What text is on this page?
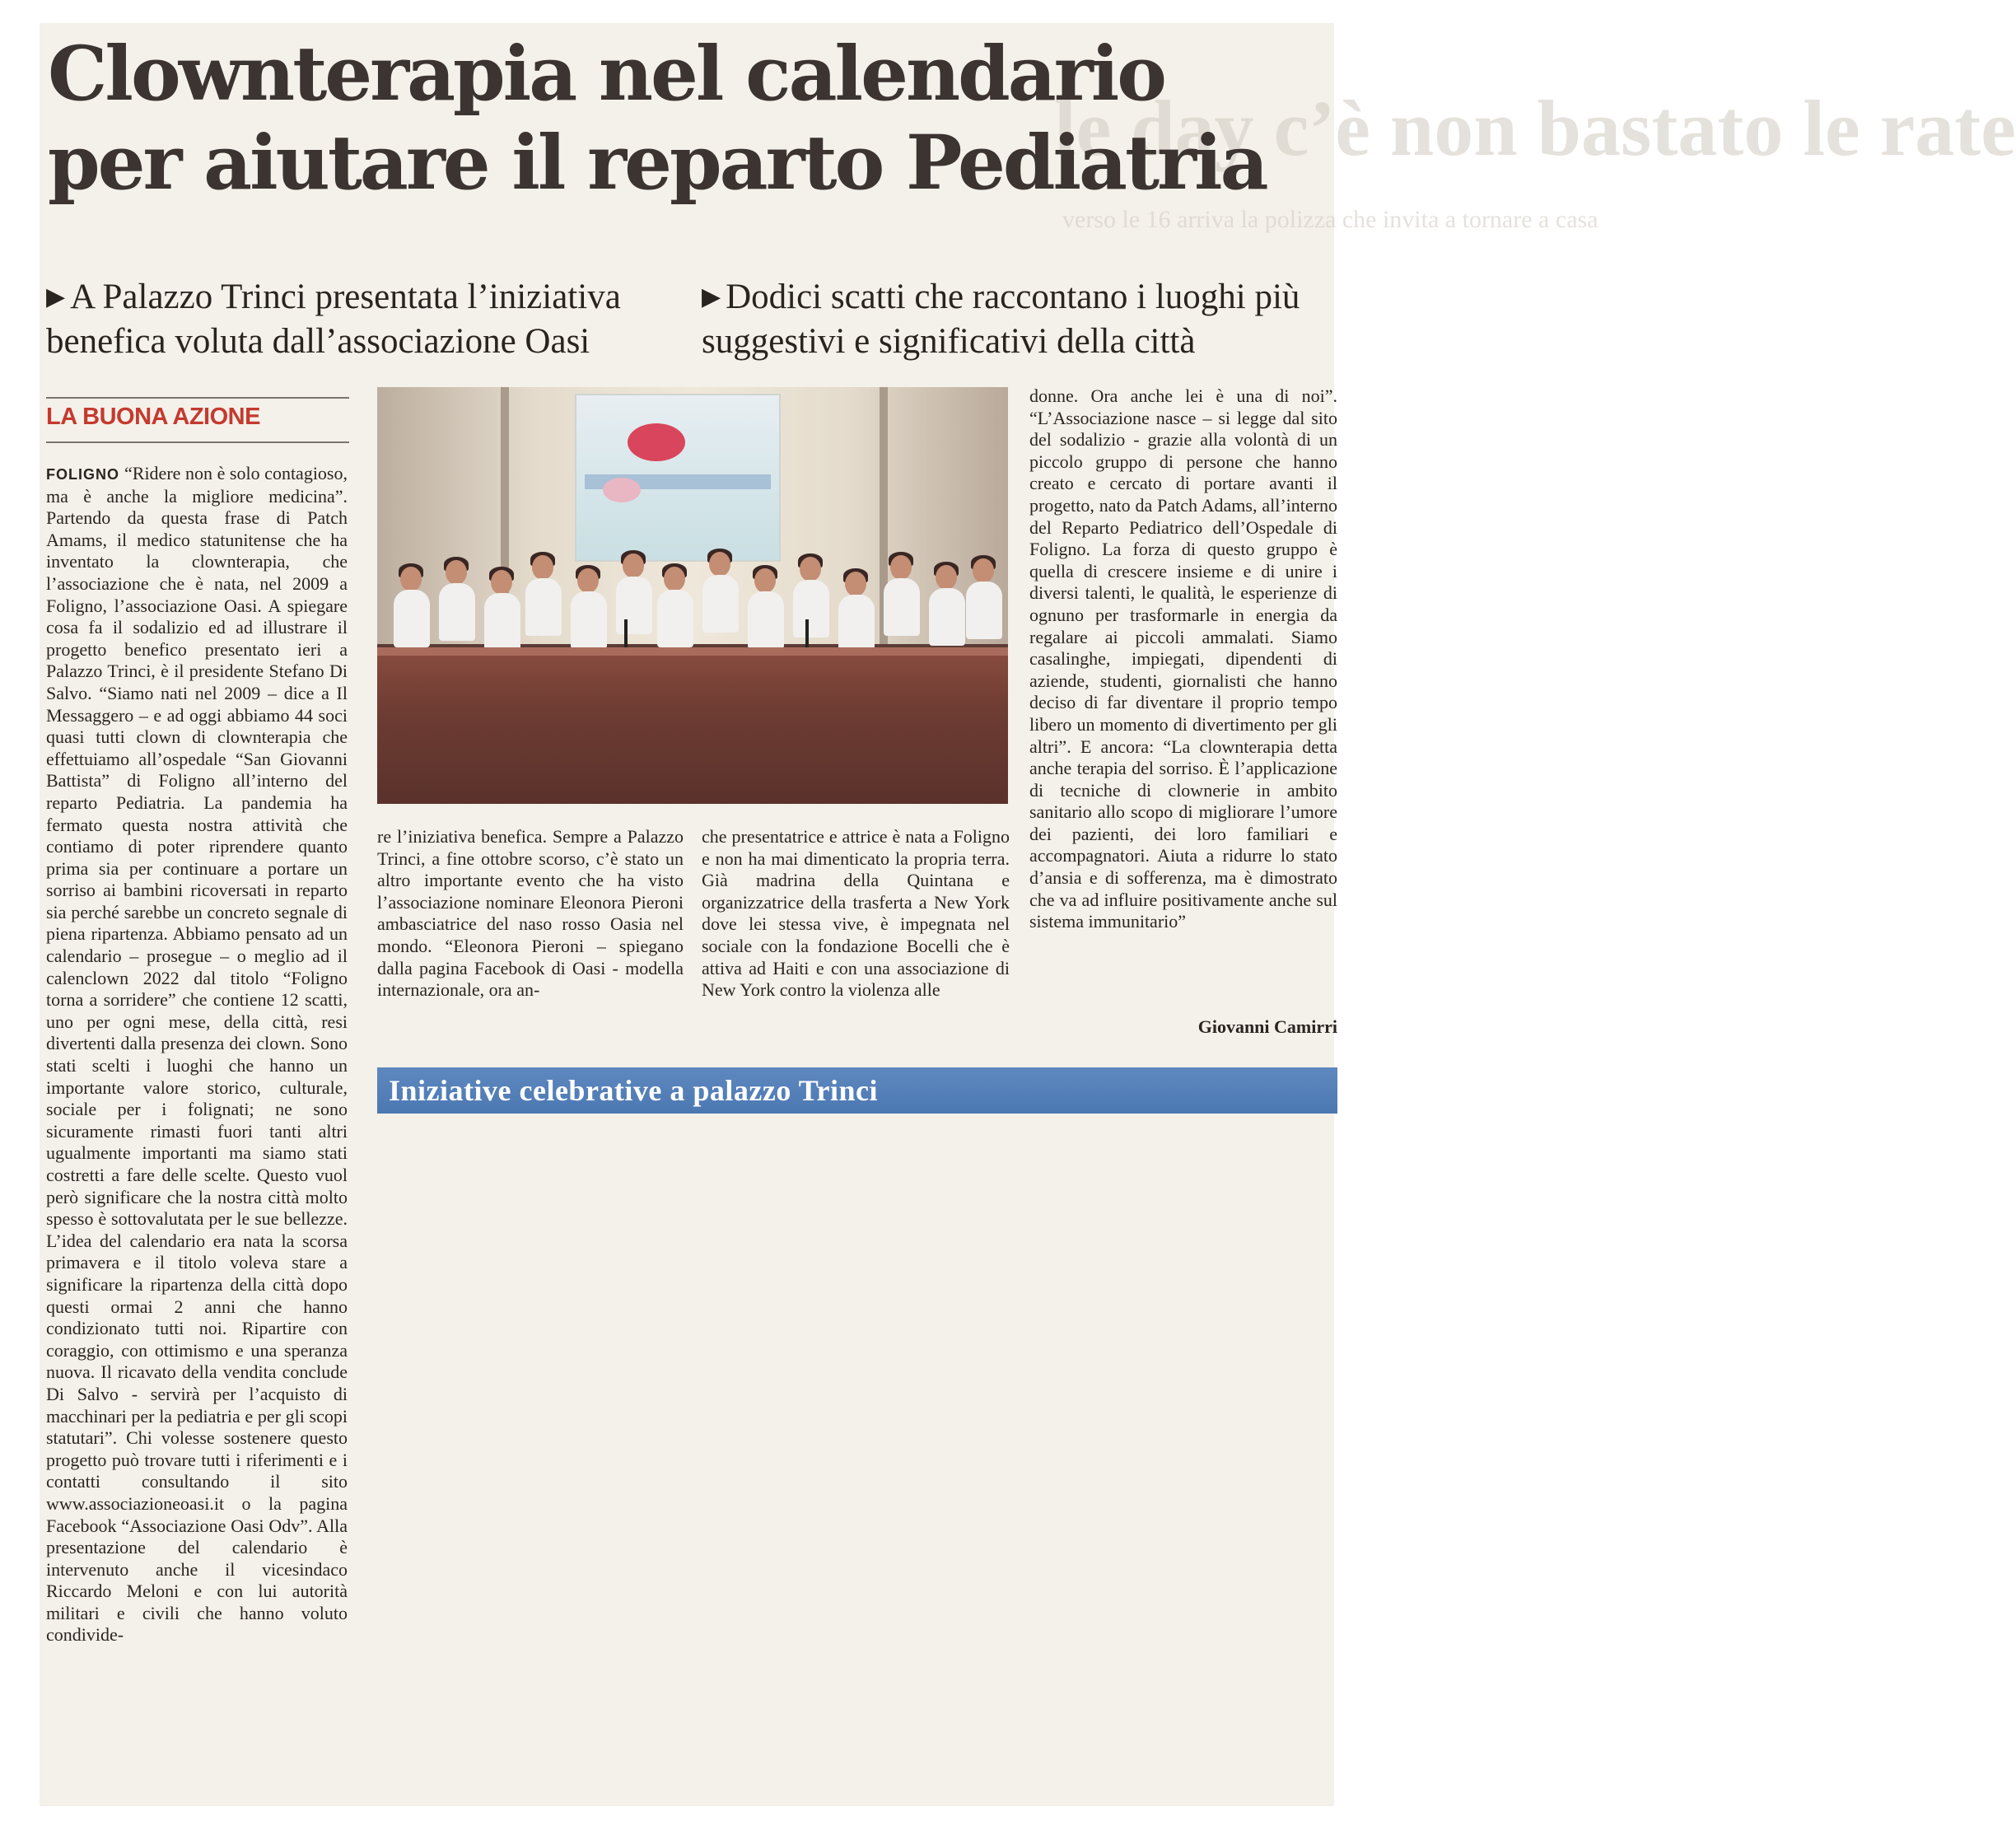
le day c’è non bastato le rate
verso le 16 arriva la polizza che invita a tornare a casa
Clownterapia nel calendario
per aiutare il reparto Pediatria
▶ A Palazzo Trinci presentata l’iniziativa benefica voluta dall’associazione Oasi
▶ Dodici scatti che raccontano i luoghi più suggestivi e significativi della città

LA BUONA AZIONE

FOLIGNO “Ridere non è solo contagioso, ma è anche la migliore medicina”. Partendo da questa frase di Patch Amams, il medico statunitense che ha inventato la clownterapia, che l’associazione che è nata, nel 2009 a Foligno, l’associazione Oasi. A spiegare cosa fa il sodalizio ed ad illustrare il progetto benefico presentato ieri a Palazzo Trinci, è il presidente Stefano Di Salvo. “Siamo nati nel 2009 – dice a Il Messaggero – e ad oggi abbiamo 44 soci quasi tutti clown di clownterapia che effettuiamo all’ospedale “San Giovanni Battista” di Foligno all’interno del reparto Pediatria. La pandemia ha fermato questa nostra attività che contiamo di poter riprendere quanto prima sia per continuare a portare un sorriso ai bambini ricoversati in reparto sia perché sarebbe un concreto segnale di piena ripartenza. Abbiamo pensato ad un calendario – prosegue – o meglio ad il calenclown 2022 dal titolo “Foligno torna a sorridere” che contiene 12 scatti, uno per ogni mese, della città, resi divertenti dalla presenza dei clown. Sono stati scelti i luoghi che hanno un importante valore storico, culturale, sociale per i folignati; ne sono sicuramente rimasti fuori tanti altri ugualmente importanti ma siamo stati costretti a fare delle scelte. Questo vuol però significare che la nostra città molto spesso è sottovalutata per le sue bellezze. L’idea del calendario era nata la scorsa primavera e il titolo voleva stare a significare la ripartenza della città dopo questi ormai 2 anni che hanno condizionato tutti noi. Ripartire con coraggio, con ottimismo e una speranza nuova. Il ricavato della vendita conclude Di Salvo - servirà per l’acquisto di macchinari per la pediatria e per gli scopi statutari”. Chi volesse sostenere questo progetto può trovare tutti i riferimenti e i contatti consultando il sito www.associazioneoasi.it o la pagina Facebook “Associazione Oasi Odv”. Alla presentazione del calendario è intervenuto anche il vicesindaco Riccardo Meloni e con lui autorità militari e civili che hanno voluto condivide-

re l’iniziativa benefica. Sempre a Palazzo Trinci, a fine ottobre scorso, c’è stato un altro importante evento che ha visto l’associazione nominare Eleonora Pieroni ambasciatrice del naso rosso Oasia nel mondo. “Eleonora Pieroni – spiegano dalla pagina Facebook di Oasi - modella internazionale, ora an-

che presentatrice e attrice è nata a Foligno e non ha mai dimenticato la propria terra. Già madrina della Quintana e organizzatrice della trasferta a New York dove lei stessa vive, è impegnata nel sociale con la fondazione Bocelli che è attiva ad Haiti e con una associazione di New York contro la violenza alle

donne. Ora anche lei è una di noi”. “L’Associazione nasce – si legge dal sito del sodalizio - grazie alla volontà di un piccolo gruppo di persone che hanno creato e cercato di portare avanti il progetto, nato da Patch Adams, all’interno del Reparto Pediatrico dell’Ospedale di Foligno. La forza di questo gruppo è quella di crescere insieme e di unire i diversi talenti, le qualità, le esperienze di ognuno per trasformarle in energia da regalare ai piccoli ammalati. Siamo casalinghe, impiegati, dipendenti di aziende, studenti, giornalisti che hanno deciso di far diventare il proprio tempo libero un momento di divertimento per gli altri”. E ancora: “La clownterapia detta anche terapia del sorriso. È l’applicazione di tecniche di clownerie in ambito sanitario allo scopo di migliorare l’umore dei pazienti, dei loro familiari e accompagnatori. Aiuta a ridurre lo stato d’ansia e di sofferenza, ma è dimostrato che va ad influire positivamente anche sul sistema immunitario”

Giovanni Camirri

Iniziative celebrative a palazzo Trinci
